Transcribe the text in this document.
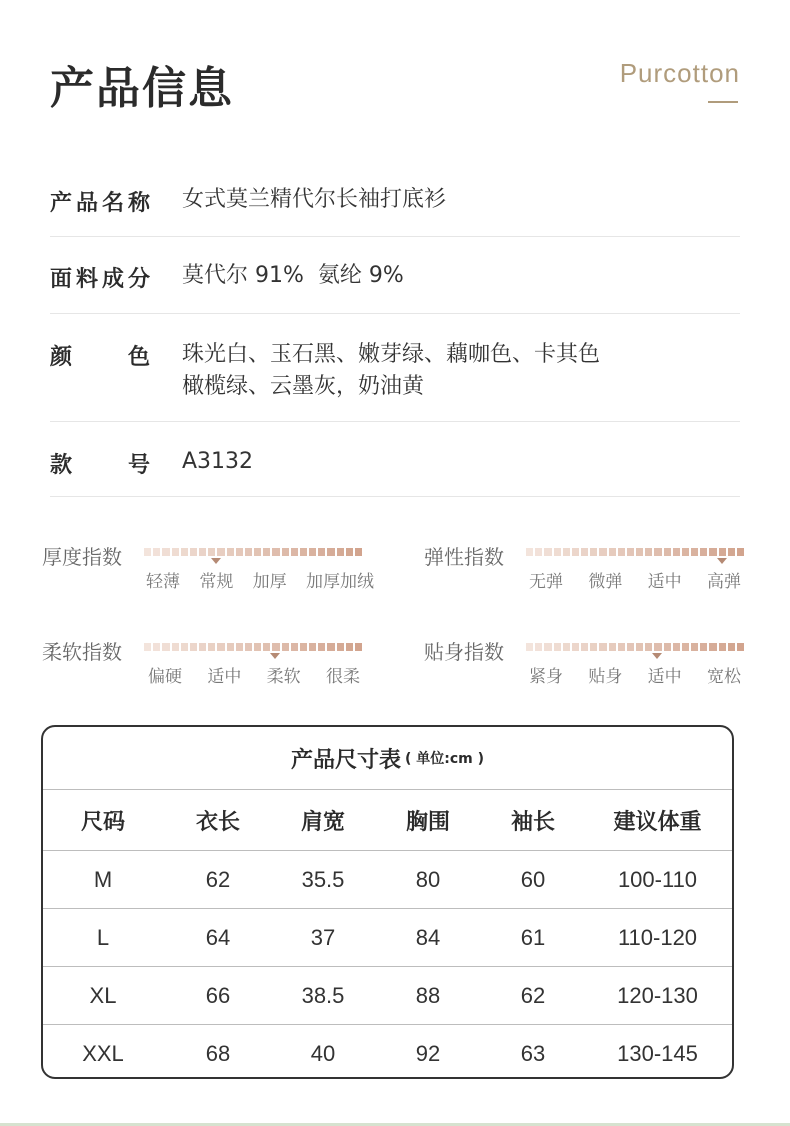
产品信息	Purcotton
产 品 名 称 女式莫兰精代尔长袖打底衫
面 料 成 分 莫代尔 91%  氨纶 9%
颜	色 珠光白、玉石黑、嫩芽绿、藕咖色、卡其色
橄榄绿、云墨灰，奶油黄
款	号 A3132
厚度指数
轻薄 常规 加厚 加厚加绒
弹性指数
无弹 微弹 适中 高弹
柔软指数
偏硬 适中 柔软 很柔
贴身指数
紧身 贴身 适中 宽松
产品尺寸表 ( 单位:cm )
尺码	衣长	肩宽	胸围	袖长	建议体重
M	62	35.5	80	60	100-110
L	64	37	84	61	110-120
XL	66	38.5	88	62	120-130
XXL	68	40	92	63	130-145
